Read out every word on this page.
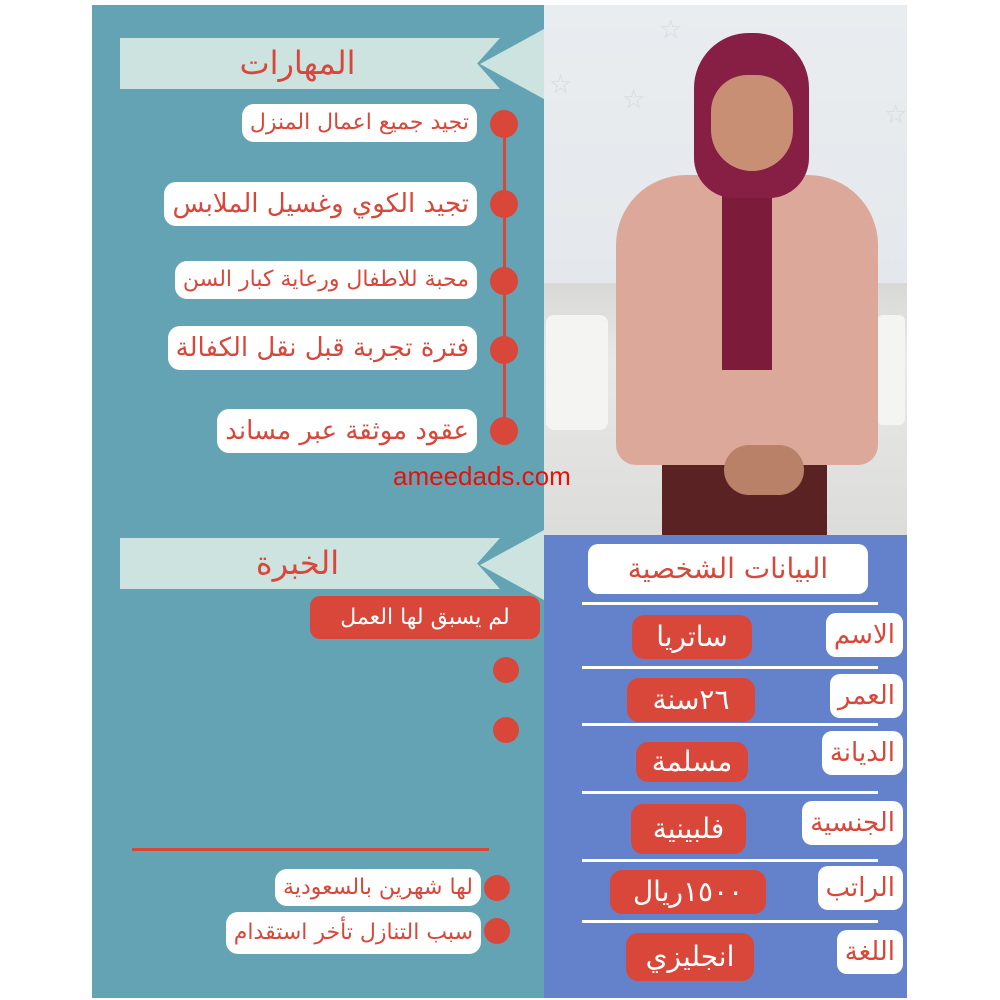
☆
☆
☆
☆
المهارات
تجيد جميع اعمال المنزل
تجيد الكوي وغسيل الملابس
محبة للاطفال ورعاية كبار السن
فترة تجربة قبل نقل الكفالة
عقود موثقة عبر مساند
ameedads.com
الخبرة
لم يسبق لها العمل
لها شهرين بالسعودية
سبب التنازل تأخر استقدام
البيانات الشخصية
الاسم
ساتريا
العمر
٢٦سنة
الديانة
مسلمة
الجنسية
فلبينية
الراتب
١٥٠٠ريال
اللغة
انجليزي
